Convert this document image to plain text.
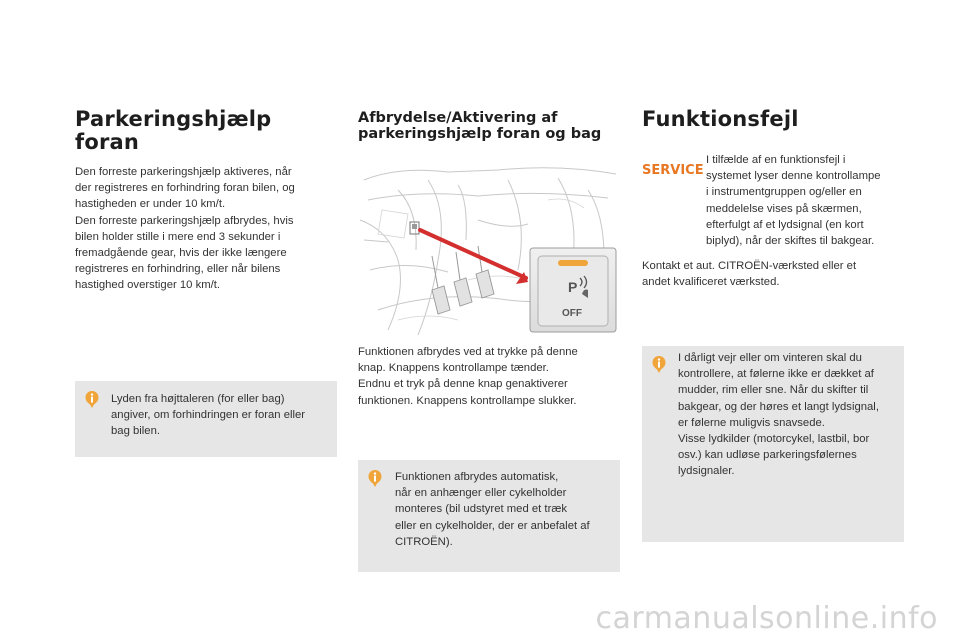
Parkeringshjælp
foran
Den forreste parkeringshjælp aktiveres, når
der registreres en forhindring foran bilen, og
hastigheden er under 10 km/t.
Den forreste parkeringshjælp afbrydes, hvis
bilen holder stille i mere end 3 sekunder i
fremadgående gear, hvis der ikke længere
registreres en forhindring, eller når bilens
hastighed overstiger 10 km/t.
Lyden fra højttaleren (for eller bag)
angiver, om forhindringen er foran eller
bag bilen.
Afbrydelse/Aktivering af
parkeringshjælp foran og bag
P
OFF
Funktionen afbrydes ved at trykke på denne
knap. Knappens kontrollampe tænder.
Endnu et tryk på denne knap genaktiverer
funktionen. Knappens kontrollampe slukker.
Funktionen afbrydes automatisk,
når en anhænger eller cykelholder
monteres (bil udstyret med et træk
eller en cykelholder, der er anbefalet af
CITROËN).
Funktionsfejl
SERVICE
I tilfælde af en funktionsfejl i
systemet lyser denne kontrollampe
i instrumentgruppen og/eller en
meddelelse vises på skærmen,
efterfulgt af et lydsignal (en kort
biplyd), når der skiftes til bakgear.
Kontakt et aut. CITROËN-værksted eller et
andet kvalificeret værksted.
I dårligt vejr eller om vinteren skal du
kontrollere, at følerne ikke er dækket af
mudder, rim eller sne. Når du skifter til
bakgear, og der høres et langt lydsignal,
er følerne muligvis snavsede.
Visse lydkilder (motorcykel, lastbil, bor
osv.) kan udløse parkeringsfølernes
lydsignaler.
carmanualsonline.info
